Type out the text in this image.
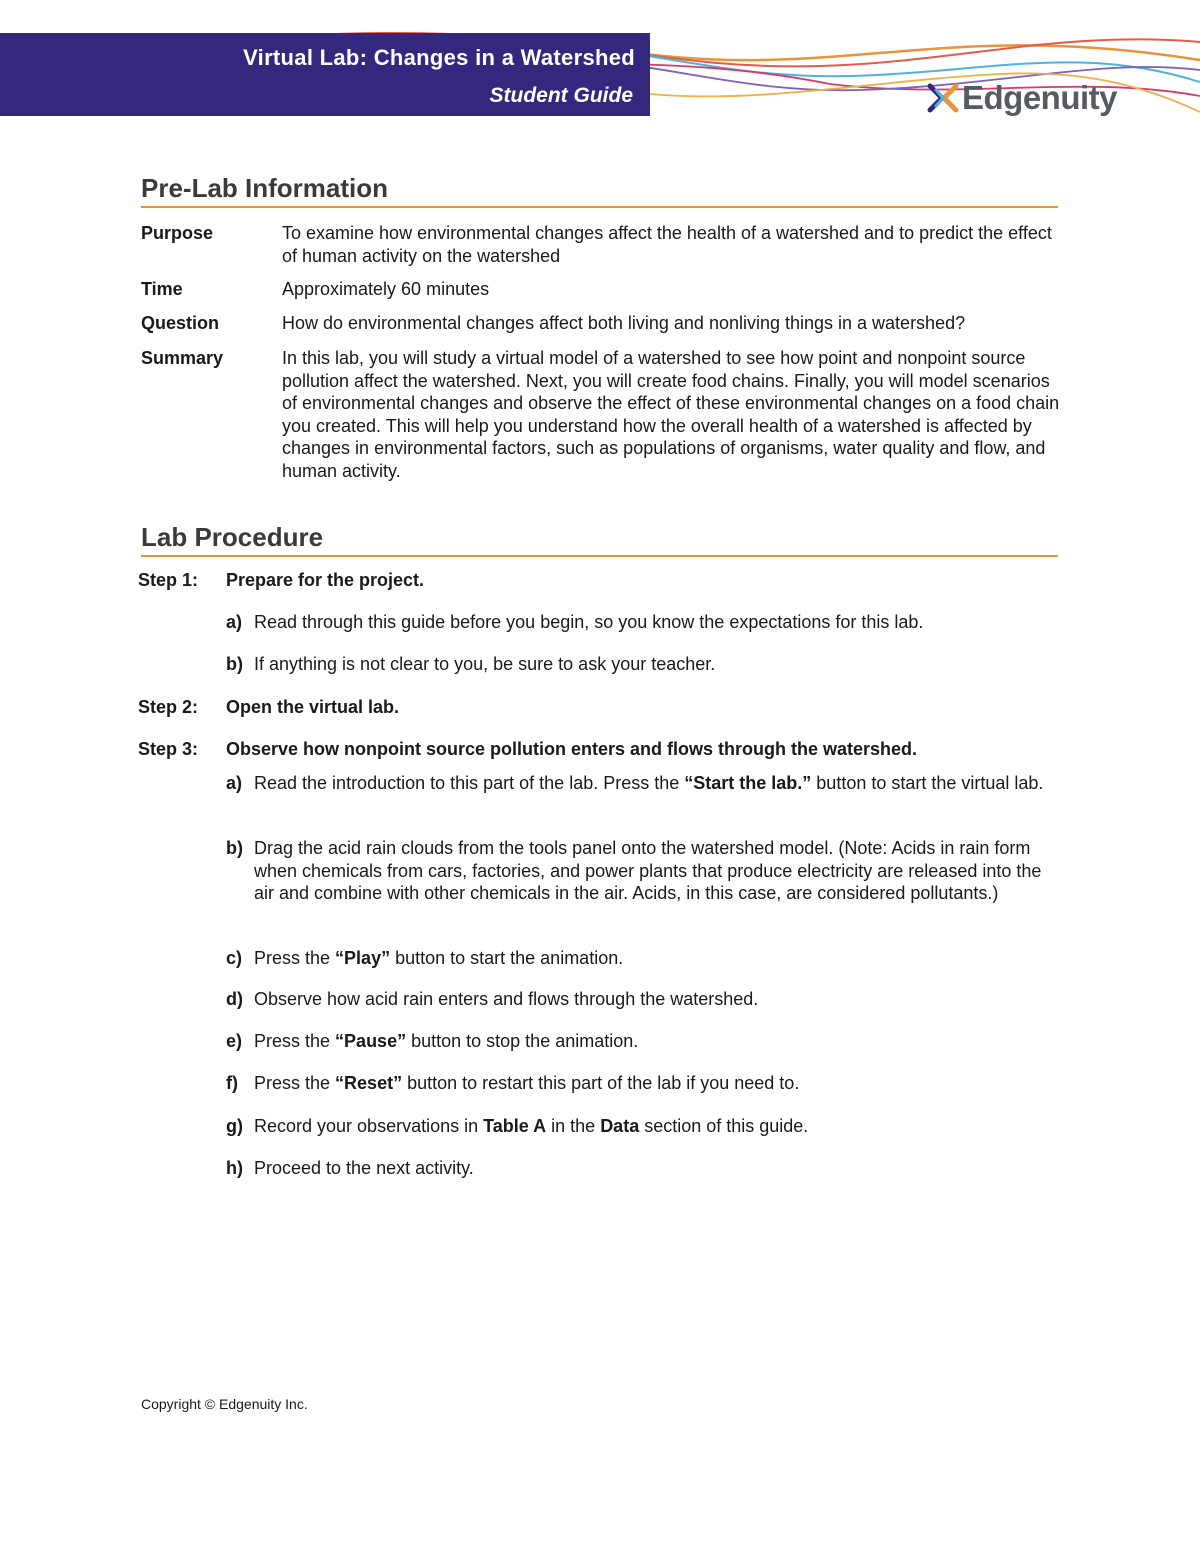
Virtual Lab: Changes in a Watershed
Student Guide	Edgenuity
Pre-Lab Information
Purpose	To examine how environmental changes affect the health of a watershed and to predict the effect of human activity on the watershed
Time	Approximately 60 minutes
Question	How do environmental changes affect both living and nonliving things in a watershed?
Summary	In this lab, you will study a virtual model of a watershed to see how point and nonpoint source pollution affect the watershed. Next, you will create food chains. Finally, you will model scenarios of environmental changes and observe the effect of these environmental changes on a food chain you created. This will help you understand how the overall health of a watershed is affected by changes in environmental factors, such as populations of organisms, water quality and flow, and human activity.
Lab Procedure
Step 1: Prepare for the project.
a) Read through this guide before you begin, so you know the expectations for this lab.
b) If anything is not clear to you, be sure to ask your teacher.
Step 2: Open the virtual lab.
Step 3: Observe how nonpoint source pollution enters and flows through the watershed.
a) Read the introduction to this part of the lab. Press the “Start the lab.” button to start the virtual lab.
b) Drag the acid rain clouds from the tools panel onto the watershed model. (Note: Acids in rain form when chemicals from cars, factories, and power plants that produce electricity are released into the air and combine with other chemicals in the air. Acids, in this case, are considered pollutants.)
c) Press the “Play” button to start the animation.
d) Observe how acid rain enters and flows through the watershed.
e) Press the “Pause” button to stop the animation.
f) Press the “Reset” button to restart this part of the lab if you need to.
g) Record your observations in Table A in the Data section of this guide.
h) Proceed to the next activity.
Copyright © Edgenuity Inc.
